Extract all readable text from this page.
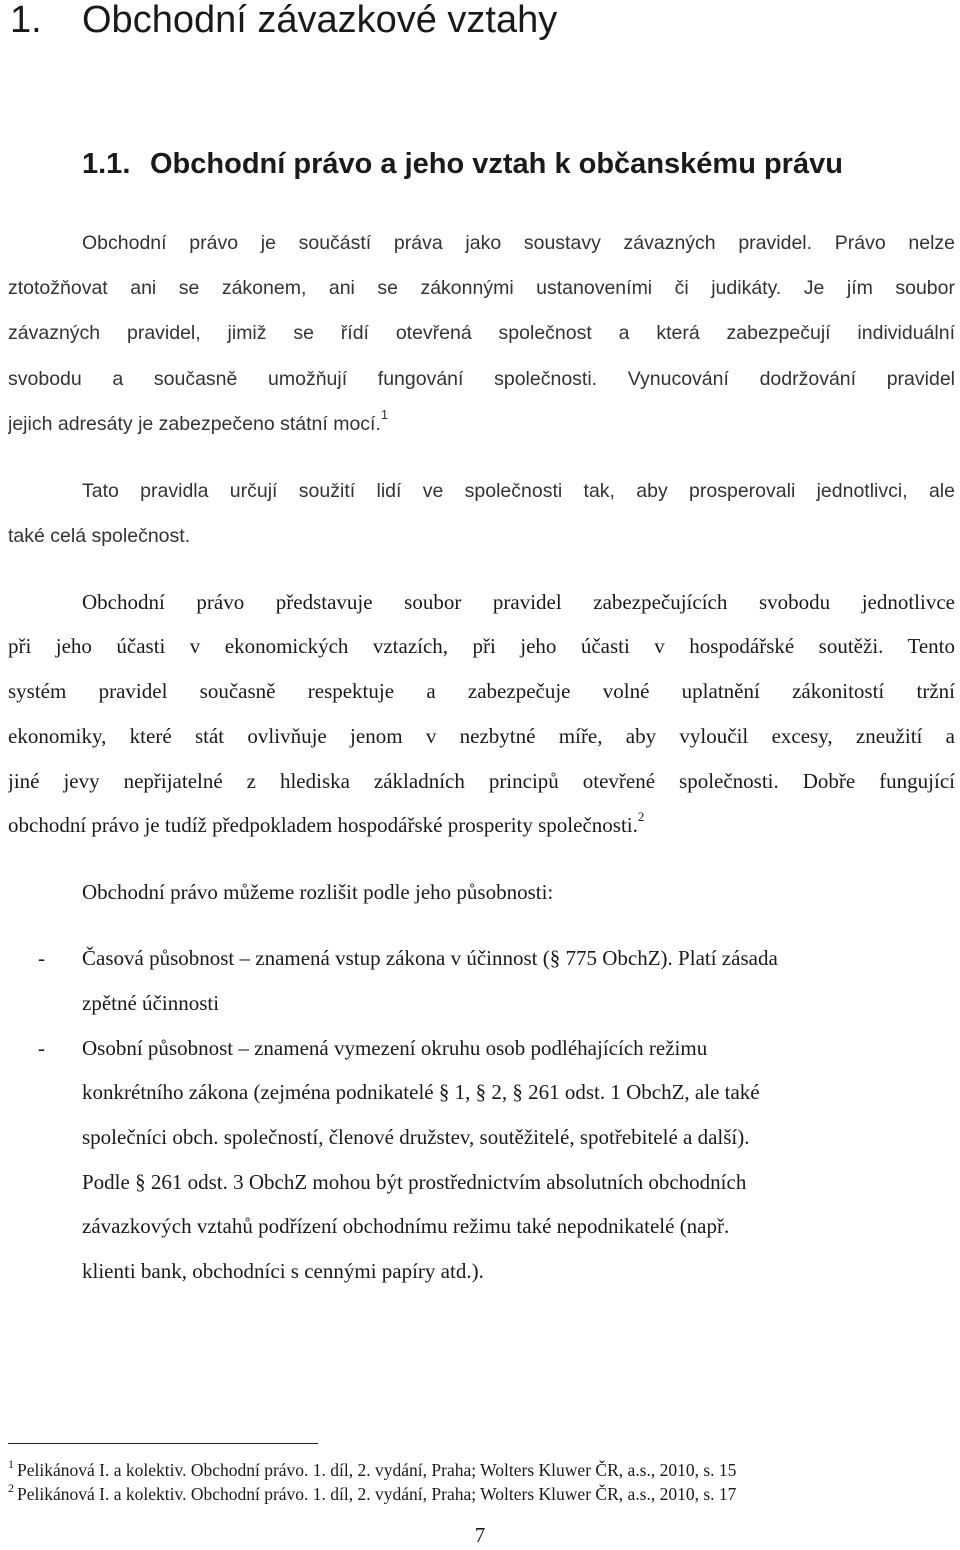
1. Obchodní závazkové vztahy
1.1. Obchodní právo a jeho vztah k občanskému právu
Obchodní právo je součástí práva jako soustavy závazných pravidel. Právo nelze
ztotožňovat ani se zákonem, ani se zákonnými ustanoveními či judikáty. Je jím soubor
závazných pravidel, jimiž se řídí otevřená společnost a která zabezpečují individuální
svobodu a současně umožňují fungování společnosti. Vynucování dodržování pravidel
jejich adresáty je zabezpečeno státní mocí.$^1$
Tato pravidla určují soužití lidí ve společnosti tak, aby prosperovali jednotlivci, ale
také celá společnost.
Obchodní právo představuje soubor pravidel zabezpečujících svobodu jednotlivce
při jeho účasti v ekonomických vztazích, při jeho účasti v hospodářské soutěži. Tento
systém pravidel současně respektuje a zabezpečuje volné uplatnění zákonitostí tržní
ekonomiky, které stát ovlivňuje jenom v nezbytné míře, aby vyloučil excesy, zneužití a
jiné jevy nepřijatelné z hlediska základních principů otevřené společnosti. Dobře fungující
obchodní právo je tudíž předpokladem hospodářské prosperity společnosti.$^2$
Obchodní právo můžeme rozlišit podle jeho působnosti:
- Časová působnost – znamená vstup zákona v účinnost (§ 775 ObchZ). Platí zásada
zpětné účinnosti
- Osobní působnost – znamená vymezení okruhu osob podléhajících režimu
konkrétního zákona (zejména podnikatelé § 1, § 2, § 261 odst. 1 ObchZ, ale také
společníci obch. společností, členové družstev, soutěžitelé, spotřebitelé a další).
Podle § 261 odst. 3 ObchZ mohou být prostřednictvím absolutních obchodních
závazkových vztahů podřízení obchodnímu režimu také nepodnikatelé (např.
klienti bank, obchodníci s cennými papíry atd.).
$^1$ Pelikánová I. a kolektiv. Obchodní právo. 1. díl, 2. vydání, Praha; Wolters Kluwer ČR, a.s., 2010, s. 15
$^2$ Pelikánová I. a kolektiv. Obchodní právo. 1. díl, 2. vydání, Praha; Wolters Kluwer ČR, a.s., 2010, s. 17
7
